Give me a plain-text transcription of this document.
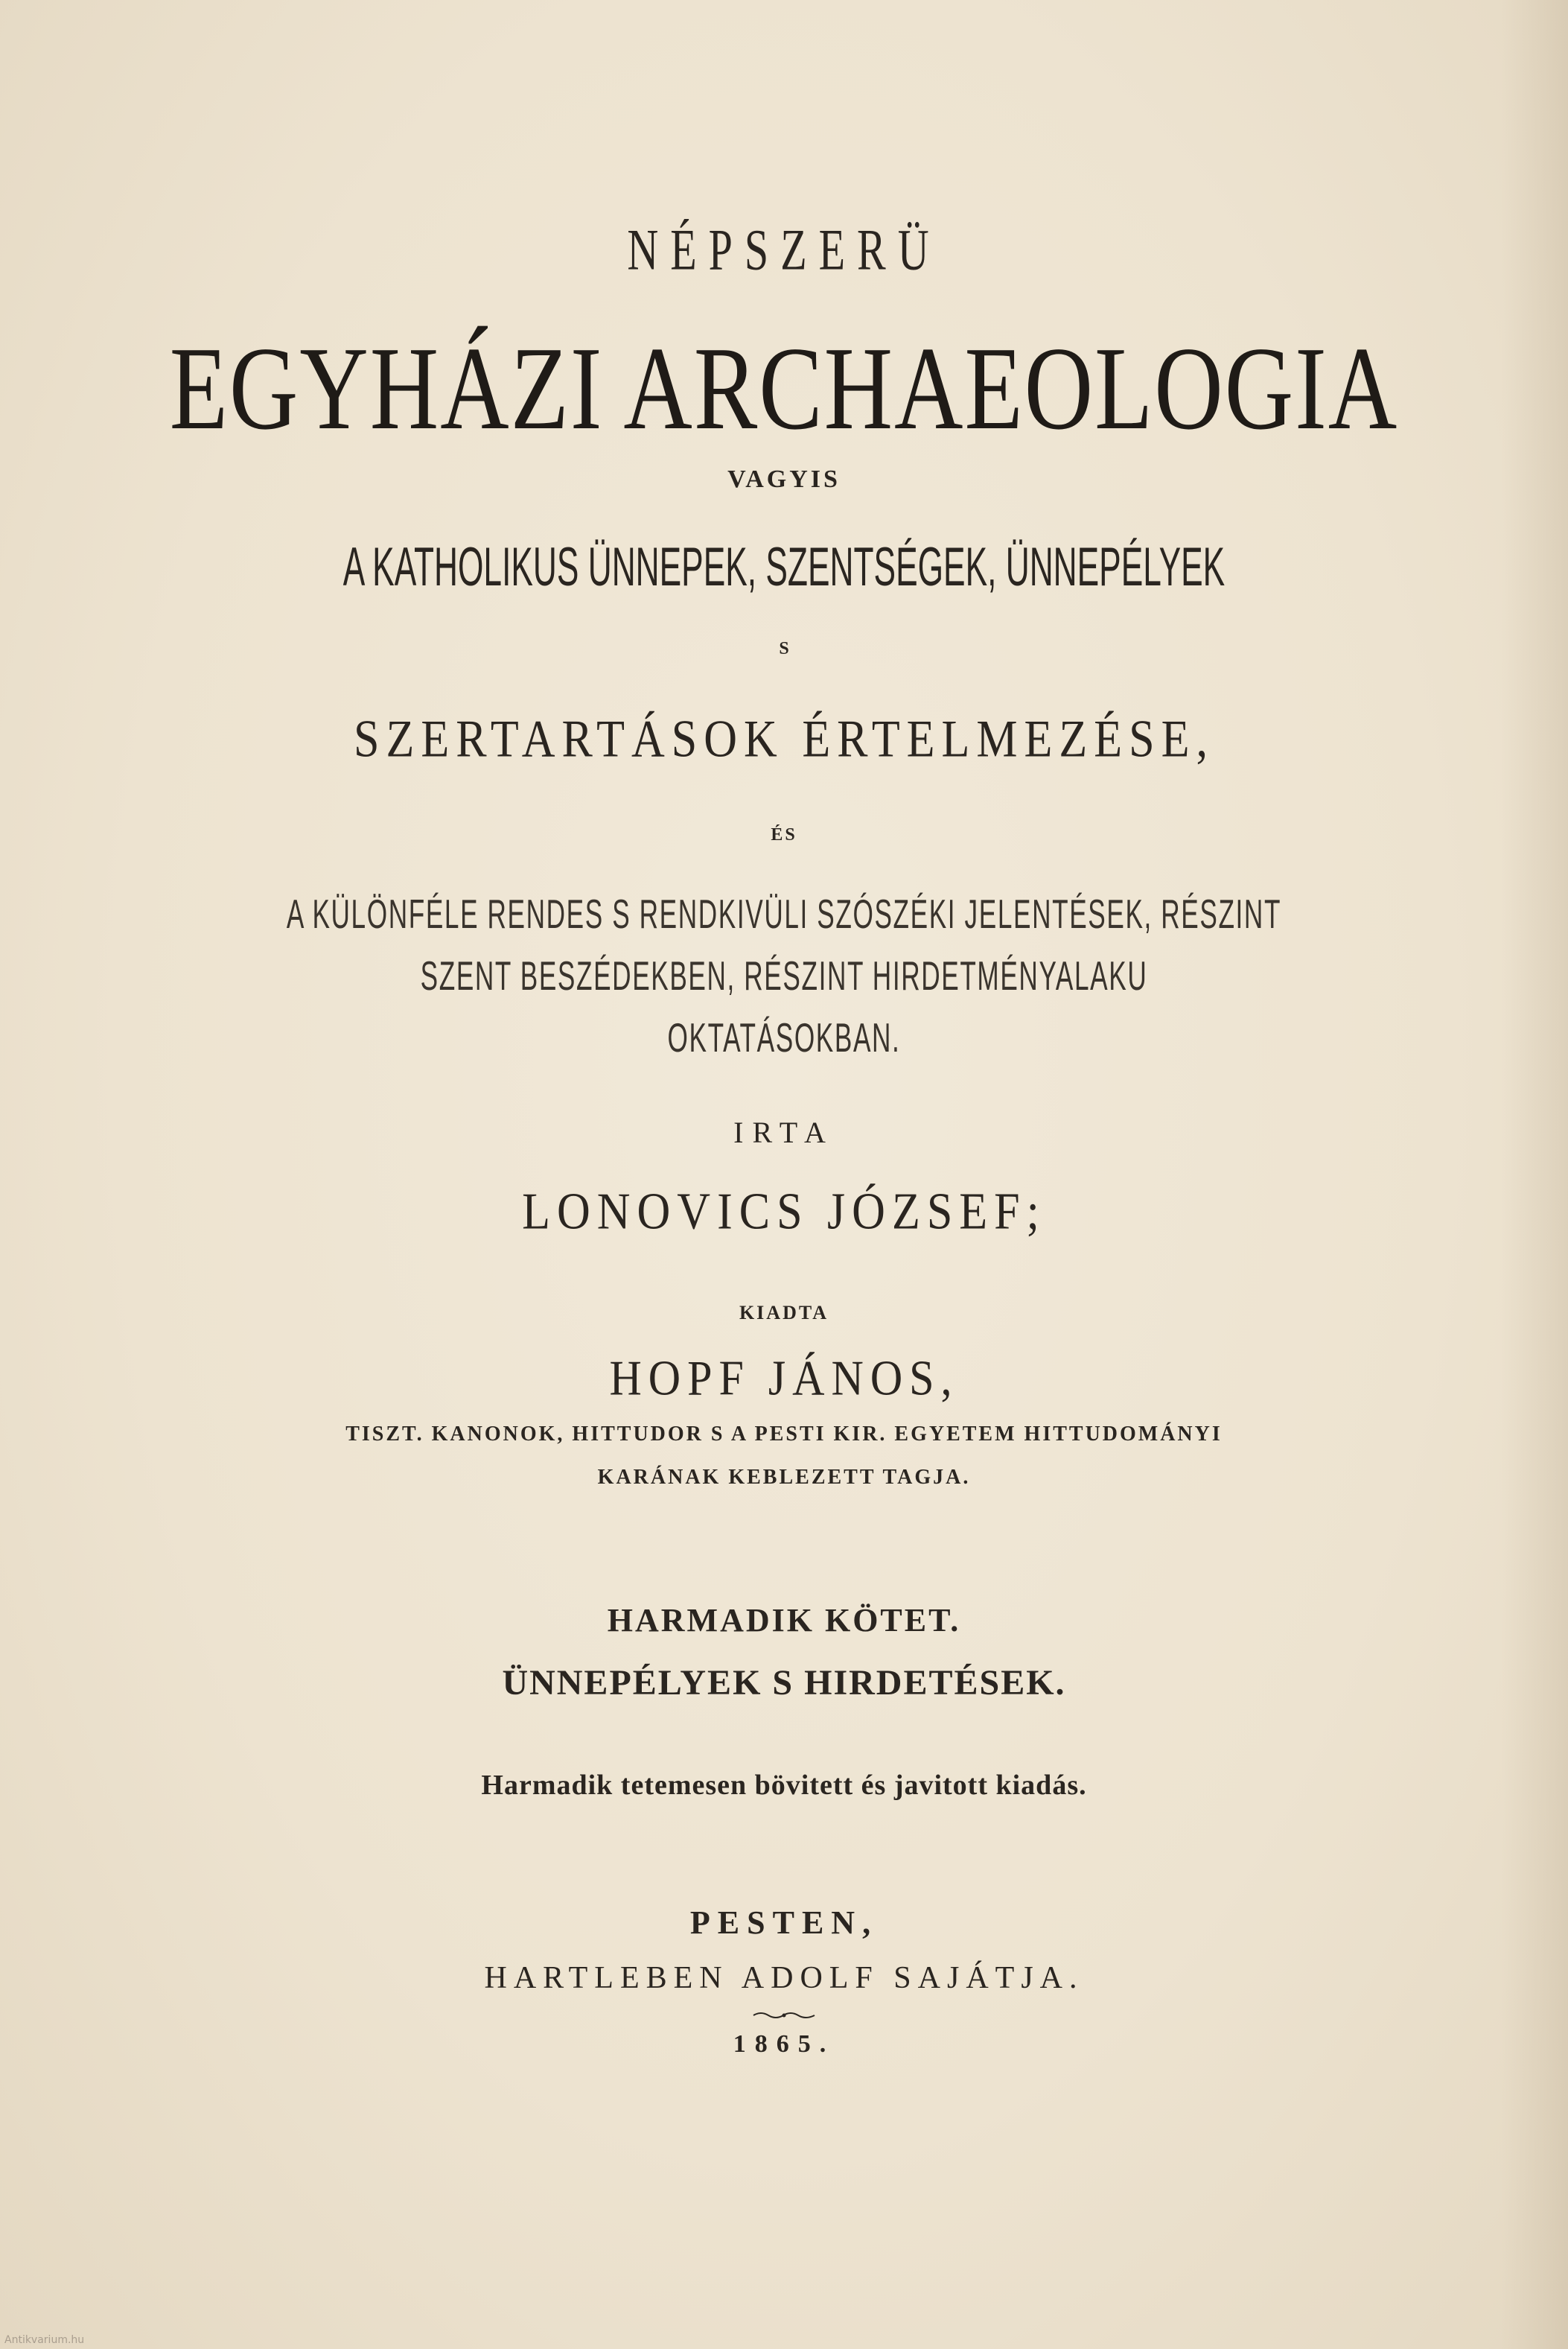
NÉPSZERÜ

EGYHÁZI ARCHAEOLOGIA

VAGYIS

A KATHOLIKUS ÜNNEPEK, SZENTSÉGEK, ÜNNEPÉLYEK

S

SZERTARTÁSOK ÉRTELMEZÉSE,

ÉS

A KÜLÖNFÉLE RENDES S RENDKIVÜLI SZÓSZÉKI JELENTÉSEK, RÉSZINT

SZENT BESZÉDEKBEN, RÉSZINT HIRDETMÉNYALAKU

OKTATÁSOKBAN.

IRTA

LONOVICS JÓZSEF;

KIADTA

HOPF JÁNOS,

TISZT. KANONOK, HITTUDOR S A PESTI KIR. EGYETEM HITTUDOMÁNYI

KARÁNAK KEBLEZETT TAGJA.

HARMADIK KÖTET.

ÜNNEPÉLYEK S HIRDETÉSEK.

Harmadik tetemesen bövitett és javitott kiadás.

PESTEN,

HARTLEBEN ADOLF SAJÁTJA.

1865.

Antikvarium.hu
